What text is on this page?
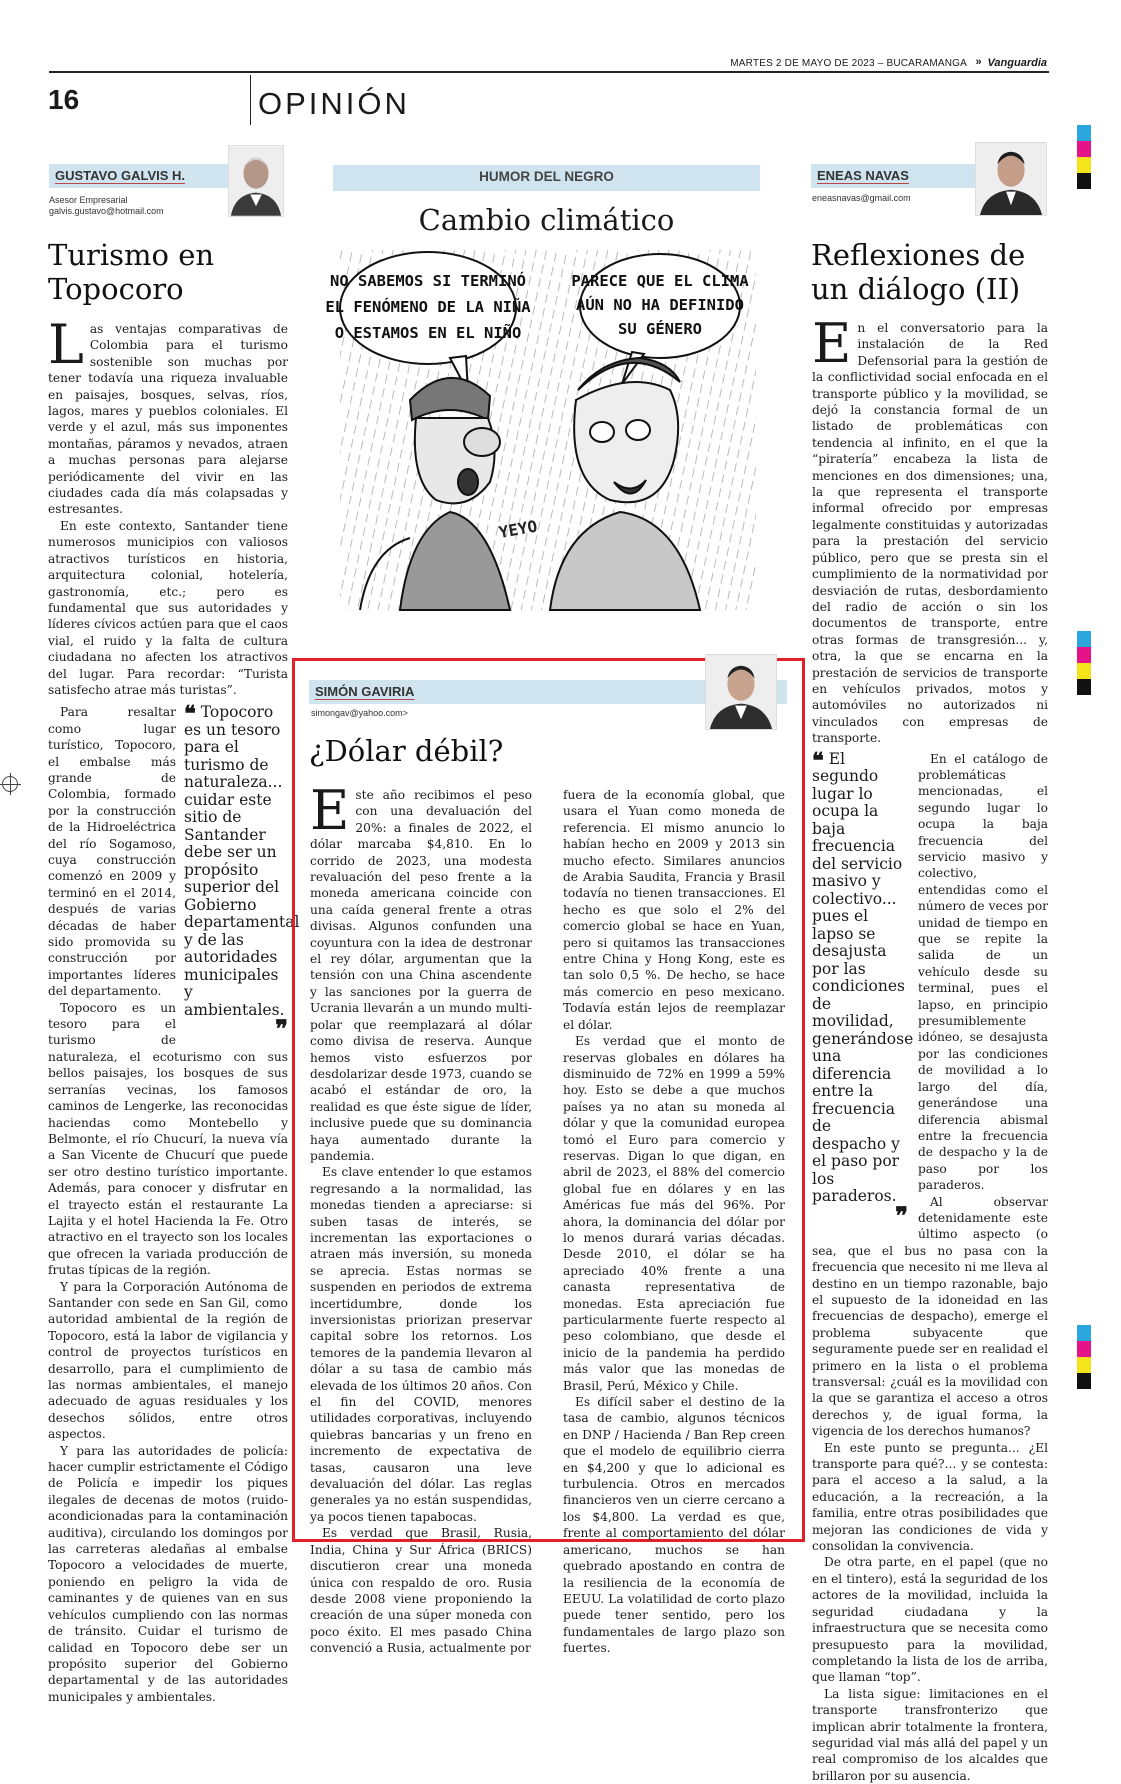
MARTES 2 DE MAYO DE 2023 – BUCARAMANGA
»	Vanguardia
16	OPINIÓN
GUSTAVO GALVIS H.
Asesor Empresarial
galvis.gustavo@hotmail.com
Turismo en Topocoro

Las ventajas comparativas de Colombia para el turismo sostenible son muchas por tener todavía una riqueza invaluable en paisajes, bosques, selvas, ríos, lagos, mares y pueblos coloniales. El verde y el azul, más sus imponentes montañas, páramos y nevados, atraen a muchas personas para alejarse periódicamente del vivir en las ciudades cada día más colapsadas y estresantes.

En este contexto, Santander tiene numerosos municipios con valiosos atractivos turísticos en historia, arquitectura colonial, hotelería, gastronomía, etc.; pero es fundamental que sus autoridades y líderes cívicos actúen para que el caos vial, el ruido y la falta de cultura ciudadana no afecten los atractivos del lugar. Para recordar: “Turista satisfecho atrae más turistas”.

❝ Topocoro es un tesoro para el turismo de naturaleza... cuidar este sitio de Santander debe ser un propósito superior del Gobierno departamental y de las autoridades municipales y ambientales.
❞

Para resaltar como lugar turístico, Topocoro, el embalse más grande de Colombia, formado por la construcción de la Hidroeléctrica del río Sogamoso, cuya construcción comenzó en 2009 y terminó en el 2014, después de varias décadas de haber sido promovida su construcción por importantes líderes del departamento.

Topocoro es un tesoro para el turismo de naturaleza, el ecoturismo con sus bellos paisajes, los bosques de sus serranías vecinas, los famosos caminos de Lengerke, las reconocidas haciendas como Montebello y Belmonte, el río Chucurí, la nueva vía a San Vicente de Chucurí que puede ser otro destino turístico importante. Además, para conocer y disfrutar en el trayecto están el restaurante La Lajita y el hotel Hacienda la Fe. Otro atractivo en el trayecto son los locales que ofrecen la variada producción de frutas típicas de la región.

Y para la Corporación Autónoma de Santander con sede en San Gil, como autoridad ambiental de la región de Topocoro, está la labor de vigilancia y control de proyectos turísticos en desarrollo, para el cumplimiento de las normas ambientales, el manejo adecuado de aguas residuales y los desechos sólidos, entre otros aspectos.

Y para las autoridades de policía: hacer cumplir estrictamente el Código de Policía e impedir los piques ilegales de decenas de motos (ruido-acondicionadas para la contaminación auditiva), circulando los domingos por las carreteras aledañas al embalse Topocoro a velocidades de muerte, poniendo en peligro la vida de caminantes y de quienes van en sus vehículos cumpliendo con las normas de tránsito. Cuidar el turismo de calidad en Topocoro debe ser un propósito superior del Gobierno departamental y de las autoridades municipales y ambientales.

HUMOR DEL NEGRO
Cambio climático
NO SABEMOS SI TERMINÓ
EL FENÓMENO DE LA NIÑA
O ESTAMOS EN EL NIÑO
PARECE QUE EL CLIMA
AÚN NO HA DEFINIDO
SU GÉNERO
YEYO
SIMÓN GAVIRIA
simongav@yahoo.com>
¿Dólar débil?

Este año recibimos el peso con una devaluación del 20%: a finales de 2022, el dólar marcaba $4,810. En lo corrido de 2023, una modesta revaluación del peso frente a la moneda americana coincide con una caída general frente a otras divisas. Algunos confunden una coyuntura con la idea de destronar el rey dólar, argumentan que la tensión con una China ascendente y las sanciones por la guerra de Ucrania llevarán a un mundo multi-polar que reemplazará al dólar como divisa de reserva. Aunque hemos visto esfuerzos por desdolarizar desde 1973, cuando se acabó el estándar de oro, la realidad es que éste sigue de líder, inclusive puede que su dominancia haya aumentado durante la pandemia.

Es clave entender lo que estamos regresando a la normalidad, las monedas tienden a apreciarse: si suben tasas de interés, se incrementan las exportaciones o atraen más inversión, su moneda se aprecia. Estas normas se suspenden en periodos de extrema incertidumbre, donde los inversionistas priorizan preservar capital sobre los retornos. Los temores de la pandemia llevaron al dólar a su tasa de cambio más elevada de los últimos 20 años. Con el fin del COVID, menores utilidades corporativas, incluyendo quiebras bancarias y un freno en incremento de expectativa de tasas, causaron una leve devaluación del dólar. Las reglas generales ya no están suspendidas, ya pocos tienen tapabocas.

Es verdad que Brasil, Rusia, India, China y Sur África (BRICS) discutieron crear una moneda única con respaldo de oro. Rusia desde 2008 viene proponiendo la creación de una súper moneda con poco éxito. El mes pasado China convenció a Rusia, actualmente por

fuera de la economía global, que usara el Yuan como moneda de referencia. El mismo anuncio lo habían hecho en 2009 y 2013 sin mucho efecto. Similares anuncios de Arabia Saudita, Francia y Brasil todavía no tienen transacciones. El hecho es que solo el 2% del comercio global se hace en Yuan, pero si quitamos las transacciones entre China y Hong Kong, este es tan solo 0,5 %. De hecho, se hace más comercio en peso mexicano. Todavía están lejos de reemplazar el dólar.

Es verdad que el monto de reservas globales en dólares ha disminuido de 72% en 1999 a 59% hoy. Esto se debe a que muchos países ya no atan su moneda al dólar y que la comunidad europea tomó el Euro para comercio y reservas. Digan lo que digan, en abril de 2023, el 88% del comercio global fue en dólares y en las Américas fue más del 96%. Por ahora, la dominancia del dólar por lo menos durará varias décadas. Desde 2010, el dólar se ha apreciado 40% frente a una canasta representativa de monedas. Esta apreciación fue particularmente fuerte respecto al peso colombiano, que desde el inicio de la pandemia ha perdido más valor que las monedas de Brasil, Perú, México y Chile.

Es difícil saber el destino de la tasa de cambio, algunos técnicos en DNP / Hacienda / Ban Rep creen que el modelo de equilibrio cierra en $4,200 y que lo adicional es turbulencia. Otros en mercados financieros ven un cierre cercano a los $4,800. La verdad es que, frente al comportamiento del dólar americano, muchos se han quebrado apostando en contra de la resiliencia de la economía de EEUU. La volatilidad de corto plazo puede tener sentido, pero los fundamentales de largo plazo son fuertes.

ENEAS NAVAS
eneasnavas@gmail.com
Reflexiones de un diálogo (II)

En el conversatorio para la instalación de la Red Defensorial para la gestión de la conflictividad social enfocada en el transporte público y la movilidad, se dejó la constancia formal de un listado de problemáticas con tendencia al infinito, en el que la “piratería” encabeza la lista de menciones en dos dimensiones; una, la que representa el transporte informal ofrecido por empresas legalmente constituidas y autorizadas para la prestación del servicio público, pero que se presta sin el cumplimiento de la normatividad por desviación de rutas, desbordamiento del radio de acción o sin los documentos de transporte, entre otras formas de transgresión... y, otra, la que se encarna en la prestación de servicios de transporte en vehículos privados, motos y automóviles no autorizados ni vinculados con empresas de transporte.

❝ El segundo lugar lo ocupa la baja frecuencia del servicio masivo y colectivo... pues el lapso se desajusta por las condiciones de movilidad, generándose una diferencia entre la frecuencia de despacho y el paso por los paraderos.
❞

En el catálogo de problemáticas mencionadas, el segundo lugar lo ocupa la baja frecuencia del servicio masivo y colectivo, entendidas como el número de veces por unidad de tiempo en que se repite la salida de un vehículo desde su terminal, pues el lapso, en principio presumiblemente idóneo, se desajusta por las condiciones de movilidad a lo largo del día, generándose una diferencia abismal entre la frecuencia de despacho y la de paso por los paraderos.

Al observar detenidamente este último aspecto (o sea, que el bus no pasa con la frecuencia que necesito ni me lleva al destino en un tiempo razonable, bajo el supuesto de la idoneidad en las frecuencias de despacho), emerge el problema subyacente que seguramente puede ser en realidad el primero en la lista o el problema transversal: ¿cuál es la movilidad con la que se garantiza el acceso a otros derechos y, de igual forma, la vigencia de los derechos humanos?

En este punto se pregunta... ¿El transporte para qué?... y se contesta: para el acceso a la salud, a la educación, a la recreación, a la familia, entre otras posibilidades que mejoran las condiciones de vida y consolidan la convivencia.

De otra parte, en el papel (que no en el tintero), está la seguridad de los actores de la movilidad, incluida la seguridad ciudadana y la infraestructura que se necesita como presupuesto para la movilidad, completando la lista de los de arriba, que llaman “top”.

La lista sigue: limitaciones en el transporte transfronterizo que implican abrir totalmente la frontera, seguridad vial más allá del papel y un real compromiso de los alcaldes que brillaron por su ausencia.
